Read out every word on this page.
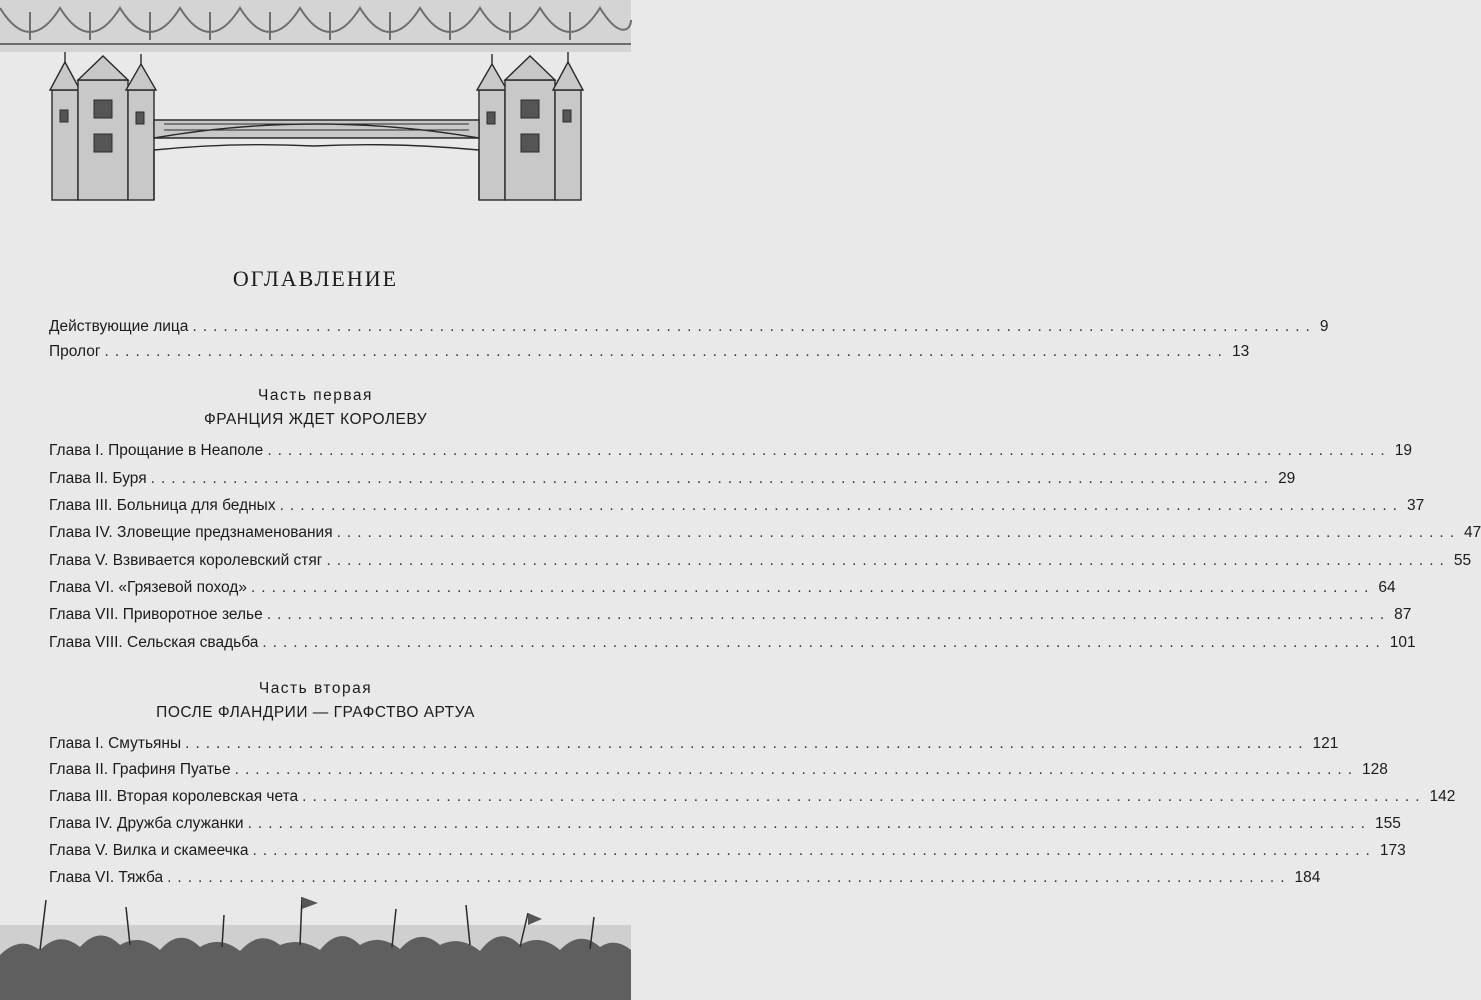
ОГЛАВЛЕНИЕ
Действующие лица ............................................................................................................. 9
Пролог ............................................................................................................. 13
Часть первая
ФРАНЦИЯ ЖДЕТ КОРОЛЕВУ
Глава I. Прощание в Неаполе ............................................................................................................. 19
Глава II. Буря ............................................................................................................. 29
Глава III. Больница для бедных ............................................................................................................. 37
Глава IV. Зловещие предзнаменования ............................................................................................................. 47
Глава V. Взвивается королевский стяг ............................................................................................................. 55
Глава VI. «Грязевой поход» ............................................................................................................. 64
Глава VII. Приворотное зелье ............................................................................................................. 87
Глава VIII. Сельская свадьба ............................................................................................................. 101
Часть вторая
ПОСЛЕ ФЛАНДРИИ — ГРАФСТВО АРТУА
Глава I. Смутьяны ............................................................................................................. 121
Глава II. Графиня Пуатье ............................................................................................................. 128
Глава III. Вторая королевская чета ............................................................................................................. 142
Глава IV. Дружба служанки ............................................................................................................. 155
Глава V. Вилка и скамеечка ............................................................................................................. 173
Глава VI. Тяжба ............................................................................................................. 184
